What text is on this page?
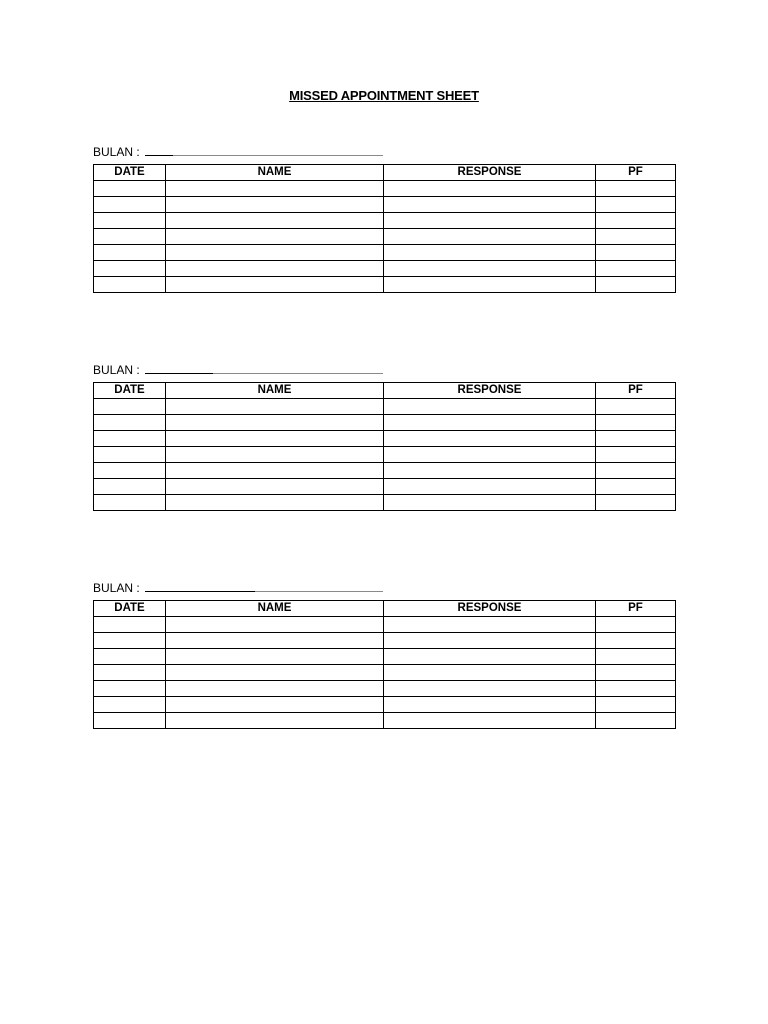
MISSED APPOINTMENT SHEET
BULAN :
DATE	NAME	RESPONSE	PF

BULAN :
DATE	NAME	RESPONSE	PF

BULAN :
DATE	NAME	RESPONSE	PF
